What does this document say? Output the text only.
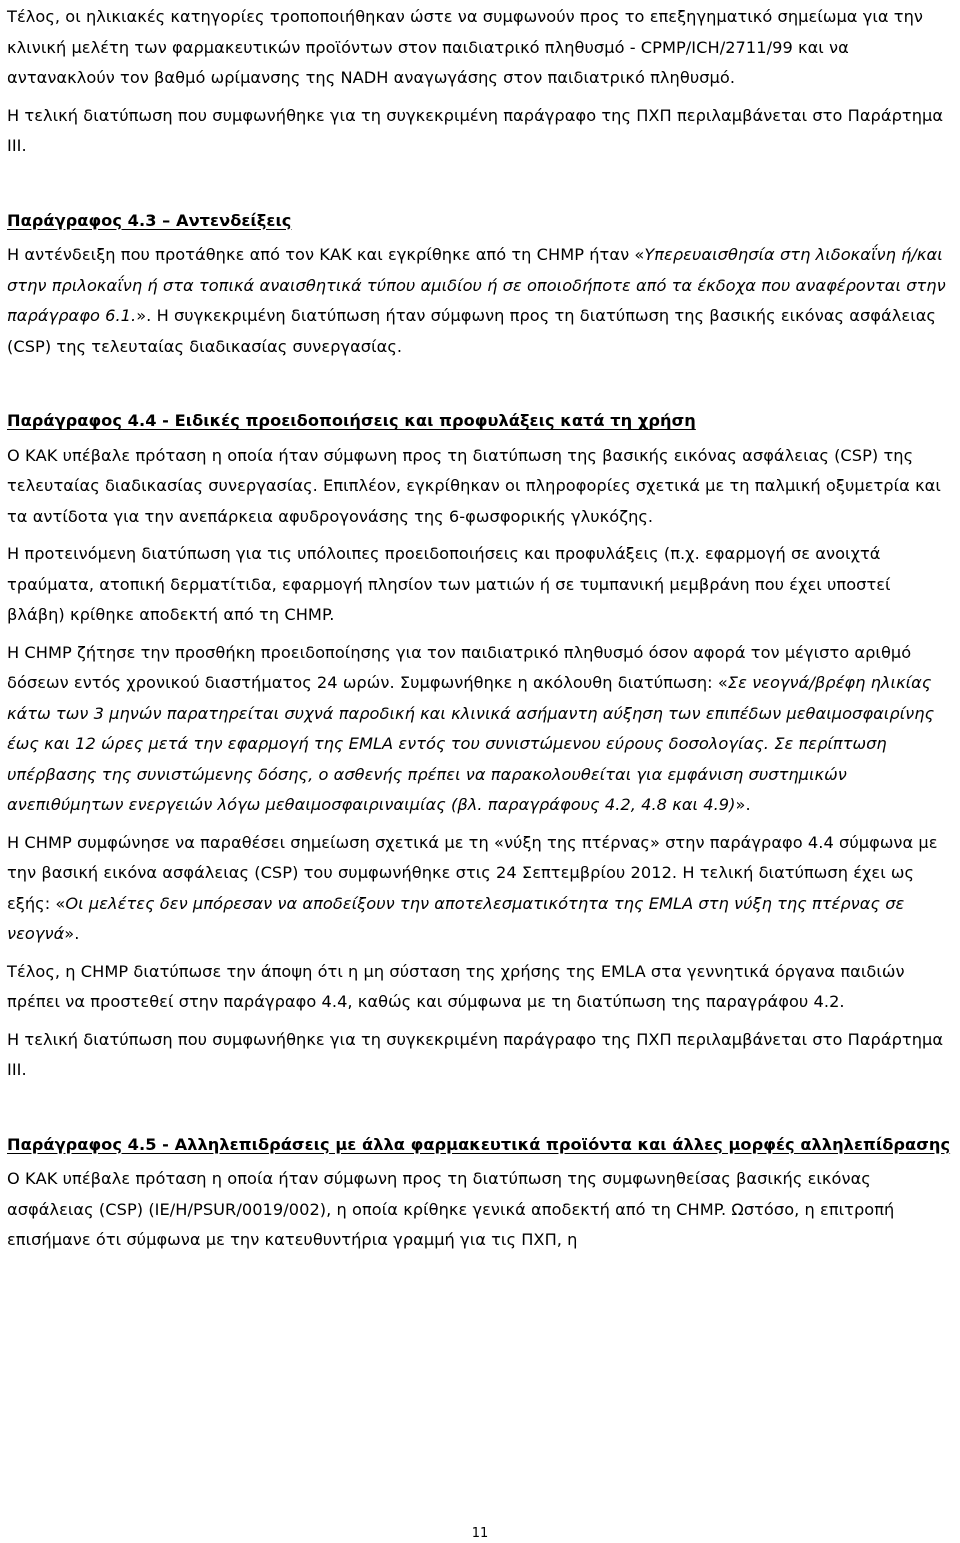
Τέλος, οι ηλικιακές κατηγορίες τροποποιήθηκαν ώστε να συμφωνούν προς το επεξηγηματικό σημείωμα για την κλινική μελέτη των φαρμακευτικών προϊόντων στον παιδιατρικό πληθυσμό - CPMP/ICH/2711/99 και να αντανακλούν τον βαθμό ωρίμανσης της NADH αναγωγάσης στον παιδιατρικό πληθυσμό.

Η τελική διατύπωση που συμφωνήθηκε για τη συγκεκριμένη παράγραφο της ΠΧΠ περιλαμβάνεται στο Παράρτημα III.

Παράγραφος 4.3 – Αντενδείξεις

Η αντένδειξη που προτάθηκε από τον ΚΑΚ και εγκρίθηκε από τη CHMP ήταν «Υπερευαισθησία στη λιδοκαΐνη ή/και στην πριλοκαΐνη ή στα τοπικά αναισθητικά τύπου αμιδίου ή σε οποιοδήποτε από τα έκδοχα που αναφέρονται στην παράγραφο 6.1.». Η συγκεκριμένη διατύπωση ήταν σύμφωνη προς τη διατύπωση της βασικής εικόνας ασφάλειας (CSP) της τελευταίας διαδικασίας συνεργασίας.

Παράγραφος 4.4 - Ειδικές προειδοποιήσεις και προφυλάξεις κατά τη χρήση

Ο ΚΑΚ υπέβαλε πρόταση η οποία ήταν σύμφωνη προς τη διατύπωση της βασικής εικόνας ασφάλειας (CSP) της τελευταίας διαδικασίας συνεργασίας. Επιπλέον, εγκρίθηκαν οι πληροφορίες σχετικά με τη παλμική οξυμετρία και τα αντίδοτα για την ανεπάρκεια αφυδρογονάσης της 6-φωσφορικής γλυκόζης.

Η προτεινόμενη διατύπωση για τις υπόλοιπες προειδοποιήσεις και προφυλάξεις (π.χ. εφαρμογή σε ανοιχτά τραύματα, ατοπική δερματίτιδα, εφαρμογή πλησίον των ματιών ή σε τυμπανική μεμβράνη που έχει υποστεί βλάβη) κρίθηκε αποδεκτή από τη CHMP.

Η CHMP ζήτησε την προσθήκη προειδοποίησης για τον παιδιατρικό πληθυσμό όσον αφορά τον μέγιστο αριθμό δόσεων εντός χρονικού διαστήματος 24 ωρών. Συμφωνήθηκε η ακόλουθη διατύπωση: «Σε νεογνά/βρέφη ηλικίας κάτω των 3 μηνών παρατηρείται συχνά παροδική και κλινικά ασήμαντη αύξηση των επιπέδων μεθαιμοσφαιρίνης έως και 12 ώρες μετά την εφαρμογή της EMLA εντός του συνιστώμενου εύρους δοσολογίας. Σε περίπτωση υπέρβασης της συνιστώμενης δόσης, ο ασθενής πρέπει να παρακολουθείται για εμφάνιση συστημικών ανεπιθύμητων ενεργειών λόγω μεθαιμοσφαιριναιμίας (βλ. παραγράφους 4.2, 4.8 και 4.9)».

Η CHMP συμφώνησε να παραθέσει σημείωση σχετικά με τη «νύξη της πτέρνας» στην παράγραφο 4.4 σύμφωνα με την βασική εικόνα ασφάλειας (CSP) του συμφωνήθηκε στις 24 Σεπτεμβρίου 2012. Η τελική διατύπωση έχει ως εξής: «Οι μελέτες δεν μπόρεσαν να αποδείξουν την αποτελεσματικότητα της EMLA στη νύξη της πτέρνας σε νεογνά».

Τέλος, η CHMP διατύπωσε την άποψη ότι η μη σύσταση της χρήσης της EMLA στα γεννητικά όργανα παιδιών πρέπει να προστεθεί στην παράγραφο 4.4, καθώς και σύμφωνα με τη διατύπωση της παραγράφου 4.2.

Η τελική διατύπωση που συμφωνήθηκε για τη συγκεκριμένη παράγραφο της ΠΧΠ περιλαμβάνεται στο Παράρτημα III.

Παράγραφος 4.5 - Αλληλεπιδράσεις με άλλα φαρμακευτικά προϊόντα και άλλες μορφές αλληλεπίδρασης

Ο ΚΑΚ υπέβαλε πρόταση η οποία ήταν σύμφωνη προς τη διατύπωση της συμφωνηθείσας βασικής εικόνας ασφάλειας (CSP) (IE/H/PSUR/0019/002), η οποία κρίθηκε γενικά αποδεκτή από τη CHMP. Ωστόσο, η επιτροπή επισήμανε ότι σύμφωνα με την κατευθυντήρια γραμμή για τις ΠΧΠ, η

11
